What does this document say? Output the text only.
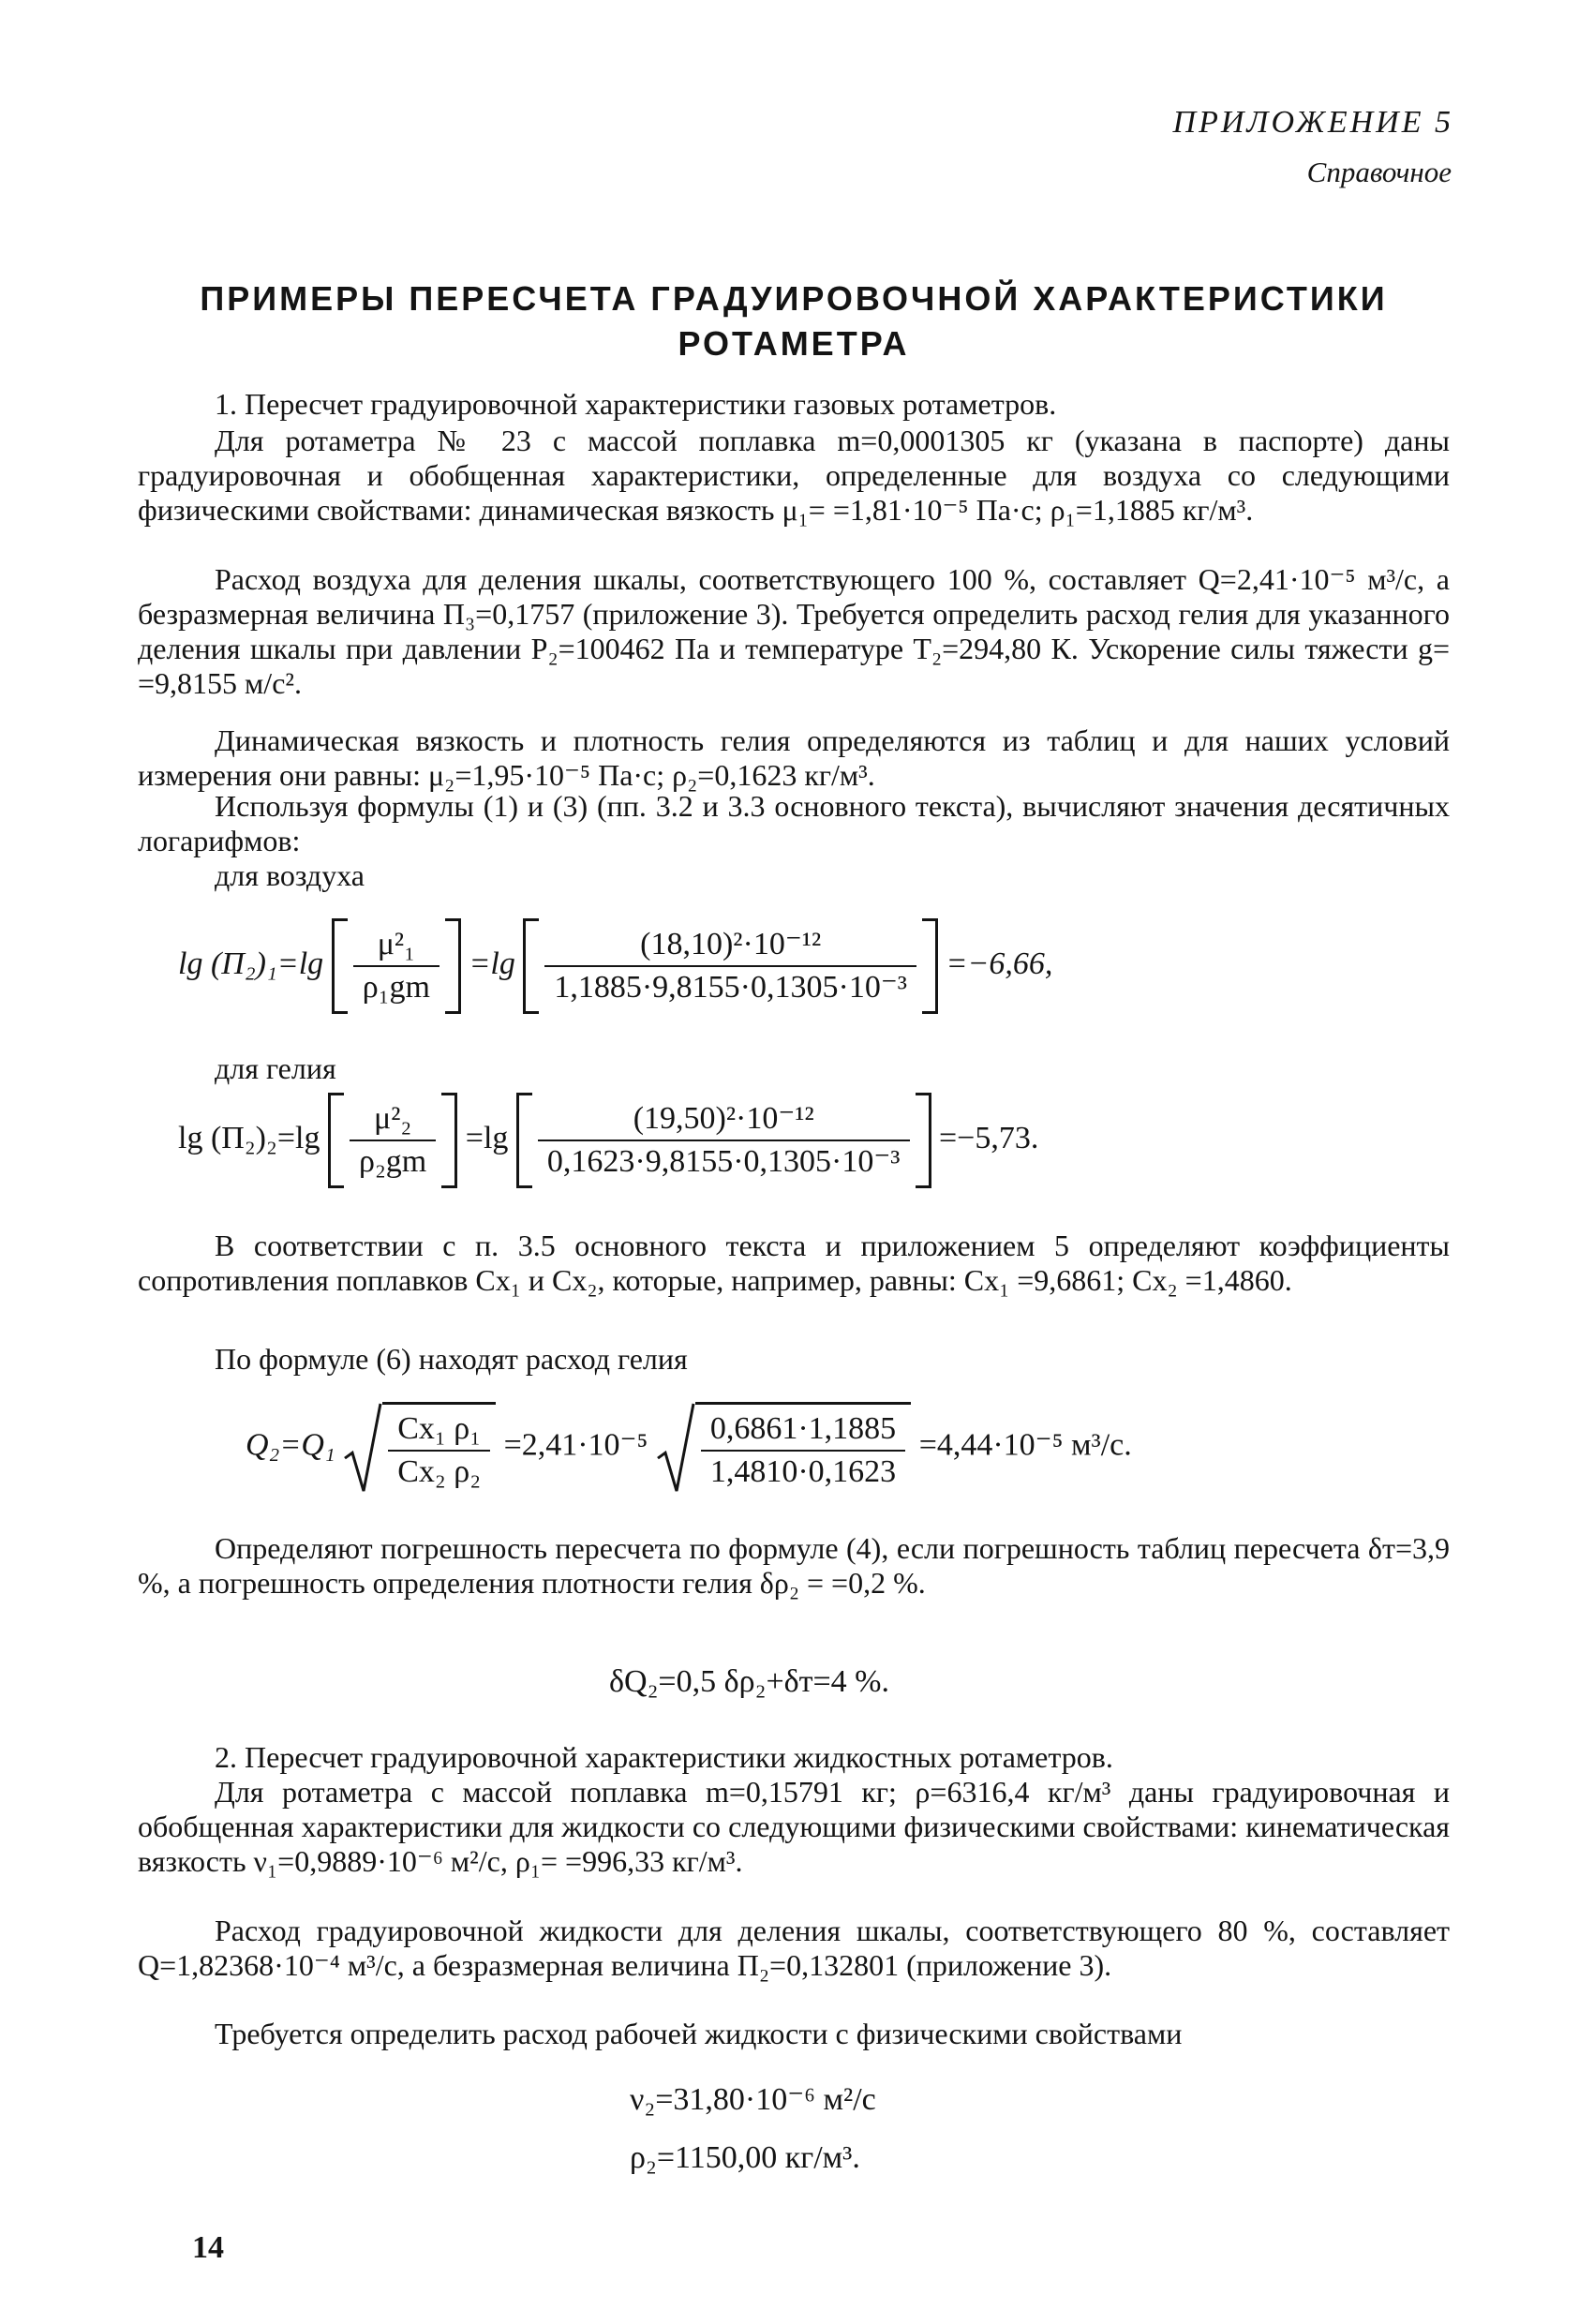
ПРИЛОЖЕНИЕ 5
Справочное
ПРИМЕРЫ ПЕРЕСЧЕТА ГРАДУИРОВОЧНОЙ ХАРАКТЕРИСТИКИ
РОТАМЕТРА
1. Пересчет градуировочной характеристики газовых ротаметров.
Для ротаметра № 23 с массой поплавка m=0,0001305 кг (указана в паспорте) даны градуировочная и обобщенная характеристики, определенные для воздуха со следующими физическими свойствами: динамическая вязкость μ₁= =1,81·10⁻⁵ Па·с; ρ₁=1,1885 кг/м³.
Расход воздуха для деления шкалы, соответствующего 100 %, составляет Q=2,41·10⁻⁵ м³/с, а безразмерная величина П₃=0,1757 (приложение 3). Требуется определить расход гелия для указанного деления шкалы при давлении P₂=100462 Па и температуре T₂=294,80 К. Ускорение силы тяжести g= =9,8155 м/с².
Динамическая вязкость и плотность гелия определяются из таблиц и для наших условий измерения они равны: μ₂=1,95·10⁻⁵ Па·с; ρ₂=0,1623 кг/м³.
Используя формулы (1) и (3) (пп. 3.2 и 3.3 основного текста), вычисляют значения десятичных логарифмов:
для воздуха
$\lg (П_2)_1=\lg \frac{\text{μ²₁}}{\text{ρ₁gm}} =\lg \frac{\text{(18,10)²·10⁻¹²}}{\text{1,1885·9,8155·0,1305·10⁻³}} =-6,66$,
для гелия
$\lg (П_2)_2=\lg \frac{\text{μ²₂}}{\text{ρ₂gm}} =\lg \frac{\text{(19,50)²·10⁻¹²}}{\text{0,1623·9,8155·0,1305·10⁻³}} =-5,73$.
В соответствии с п. 3.5 основного текста и приложением 5 определяют коэффициенты сопротивления поплавков Cx₁ и Cx₂, которые, например, равны: Cx₁ =9,6861; Cx₂ =1,4860.
По формуле (6) находят расход гелия
$Q_2=Q_1 \frac{\text{Cx₁ ρ₁}}{\text{Cx₂ ρ₂}} =2,41\cdot 10^{-5} \frac{0,6861\cdot 1,1885}{1,4810\cdot 0,1623} =4,44\cdot 10^{-5}$ м³/с.
Определяют погрешность пересчета по формуле (4), если погрешность таблиц пересчета δт=3,9 %, а погрешность определения плотности гелия δρ₂ = =0,2 %.
δQ₂=0,5 δρ₂+δт=4 %.
2. Пересчет градуировочной характеристики жидкостных ротаметров.
Для ротаметра с массой поплавка m=0,15791 кг; ρ=6316,4 кг/м³ даны градуировочная и обобщенная характеристики для жидкости со следующими физическими свойствами: кинематическая вязкость ν₁=0,9889·10⁻⁶ м²/с, ρ₁= =996,33 кг/м³.
Расход градуировочной жидкости для деления шкалы, соответствующего 80 %, составляет Q=1,82368·10⁻⁴ м³/с, а безразмерная величина П₂=0,132801 (приложение 3).
Требуется определить расход рабочей жидкости с физическими свойствами
ν₂=31,80·10⁻⁶ м²/с
ρ₂=1150,00 кг/м³.
14
